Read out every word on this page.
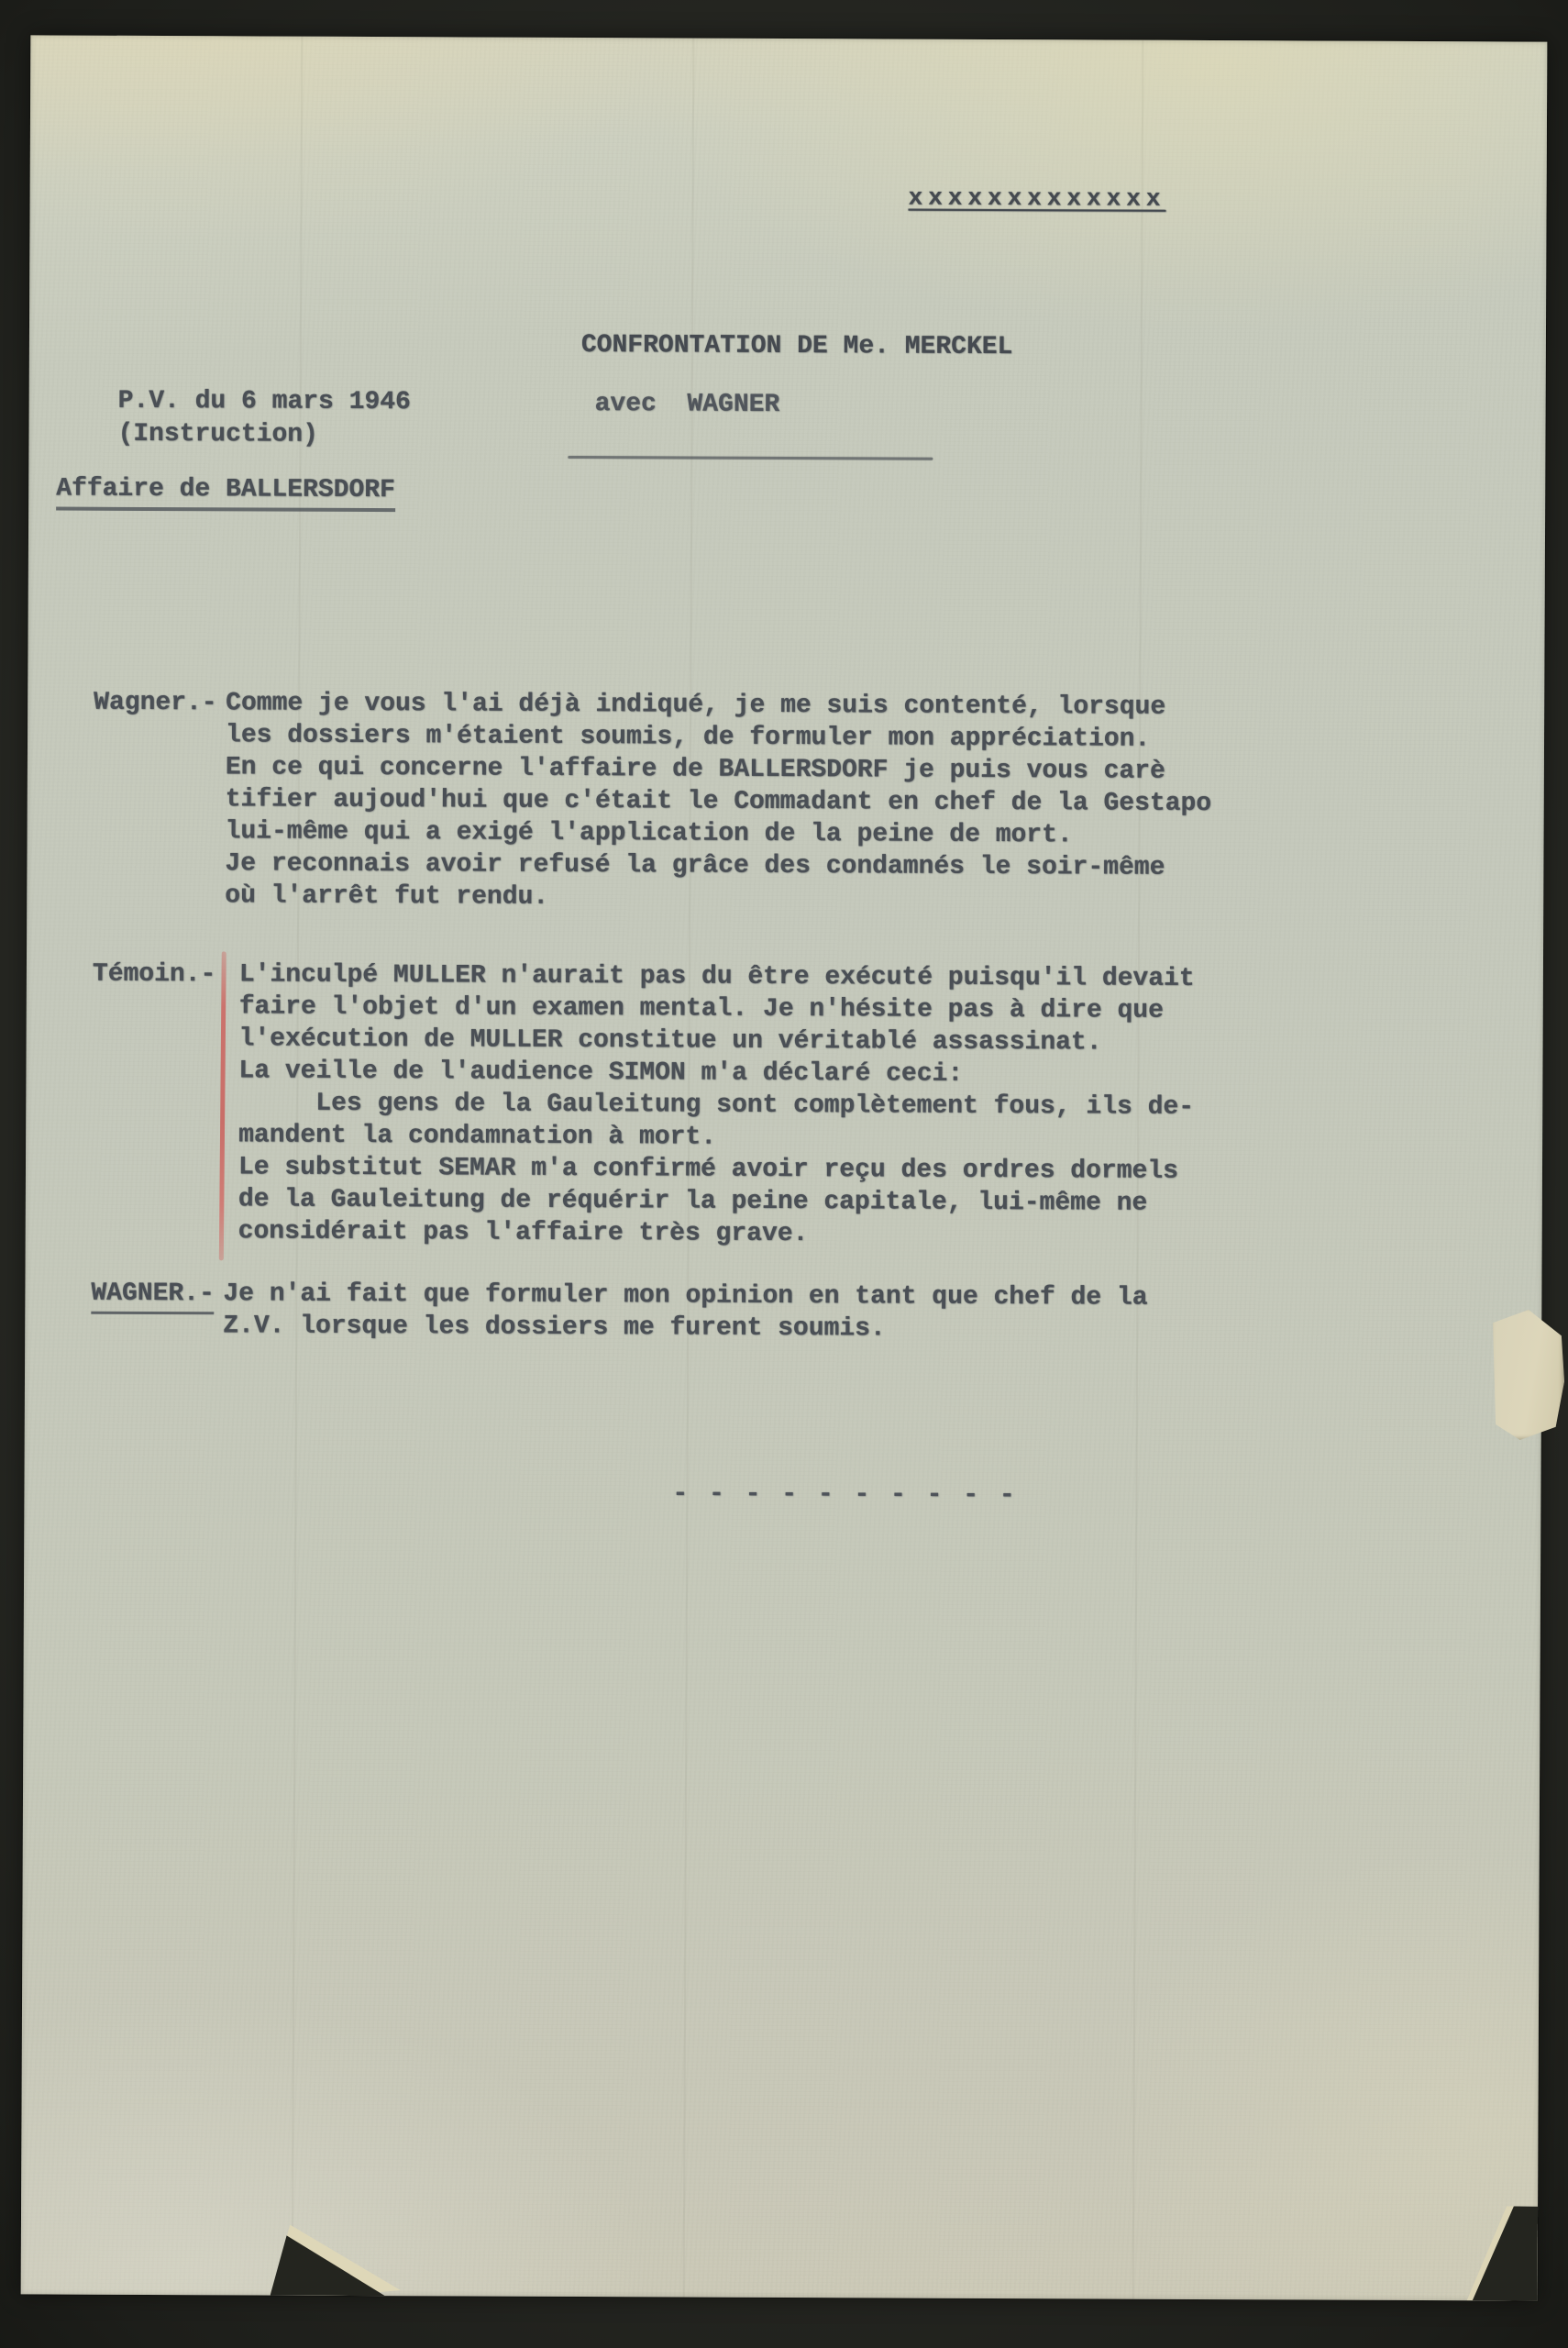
xxxxxxxxxxxxx
CONFRONTATION DE Me. MERCKEL
avec  WAGNER
P.V. du 6 mars 1946
(Instruction)
Affaire de BALLERSDORF
Wagner.- Comme je vous l'ai déjà indiqué, je me suis contenté, lorsque
les dossiers m'étaient soumis, de formuler mon appréciation.
En ce qui concerne l'affaire de BALLERSDORF je puis vous carè
tifier aujoud'hui que c'était le Commadant en chef de la Gestapo
lui-même qui a exigé l'application de la peine de mort.
Je reconnais avoir refusé la grâce des condamnés le soir-même
où l'arrêt fut rendu.
Témoin.- L'inculpé MULLER n'aurait pas du être exécuté puisqu'il devait
faire l'objet d'un examen mental. Je n'hésite pas à dire que
l'exécution de MULLER constitue un véritablé assassinat.
La veille de l'audience SIMON m'a déclaré ceci:
Les gens de la Gauleitung sont complètement fous, ils de-
mandent la condamnation à mort.
Le substitut SEMAR m'a confirmé avoir reçu des ordres dormels
de la Gauleitung de réquérir la peine capitale, lui-même ne
considérait pas l'affaire très grave.
WAGNER.- Je n'ai fait que formuler mon opinion en tant que chef de la
Z.V. lorsque les dossiers me furent soumis.
- - - - - - - - - -
